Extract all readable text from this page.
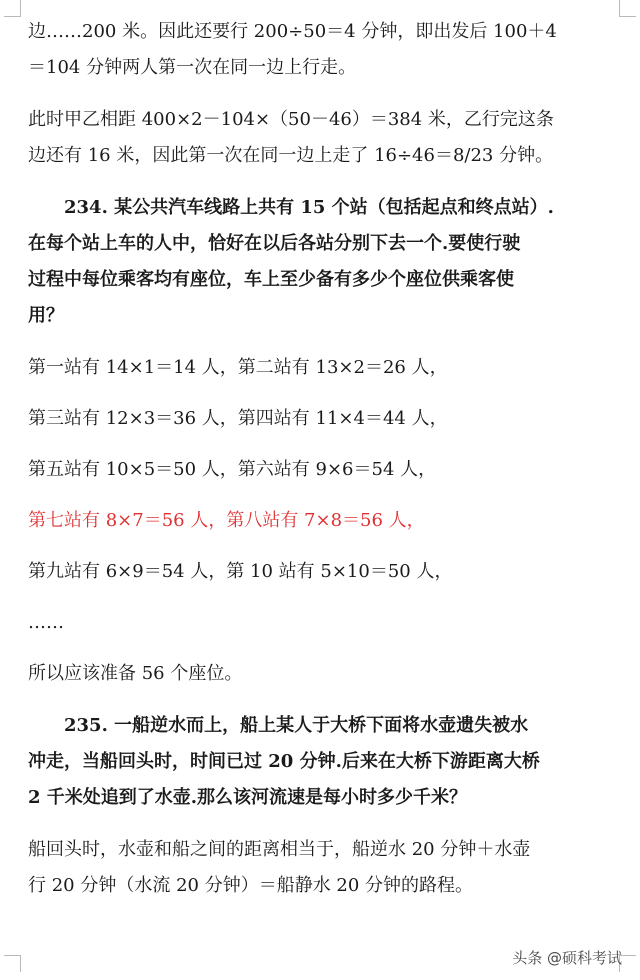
边……200 米。因此还要行 200÷50＝4 分钟，即出发后 100＋4

＝104 分钟两人第一次在同一边上行走。

此时甲乙相距 400×2－104×（50－46）＝384 米，乙行完这条

边还有 16 米，因此第一次在同一边上走了 16÷46＝8/23 分钟。

　　234. 某公共汽车线路上共有 15 个站（包括起点和终点站）.

在每个站上车的人中，恰好在以后各站分别下去一个.要使行驶

过程中每位乘客均有座位，车上至少备有多少个座位供乘客使

用？

第一站有 14×1＝14 人，第二站有 13×2＝26 人，

第三站有 12×3＝36 人，第四站有 11×4＝44 人，

第五站有 10×5＝50 人，第六站有 9×6＝54 人，

第七站有 8×7＝56 人，第八站有 7×8＝56 人，

第九站有 6×9＝54 人，第 10 站有 5×10＝50 人，

……

所以应该准备 56 个座位。

　　235. 一船逆水而上，船上某人于大桥下面将水壶遗失被水

冲走，当船回头时，时间已过 20 分钟.后来在大桥下游距离大桥

2 千米处追到了水壶.那么该河流速是每小时多少千米？

船回头时，水壶和船之间的距离相当于，船逆水 20 分钟＋水壶

行 20 分钟（水流 20 分钟）＝船静水 20 分钟的路程。

头条 @硕科考试
